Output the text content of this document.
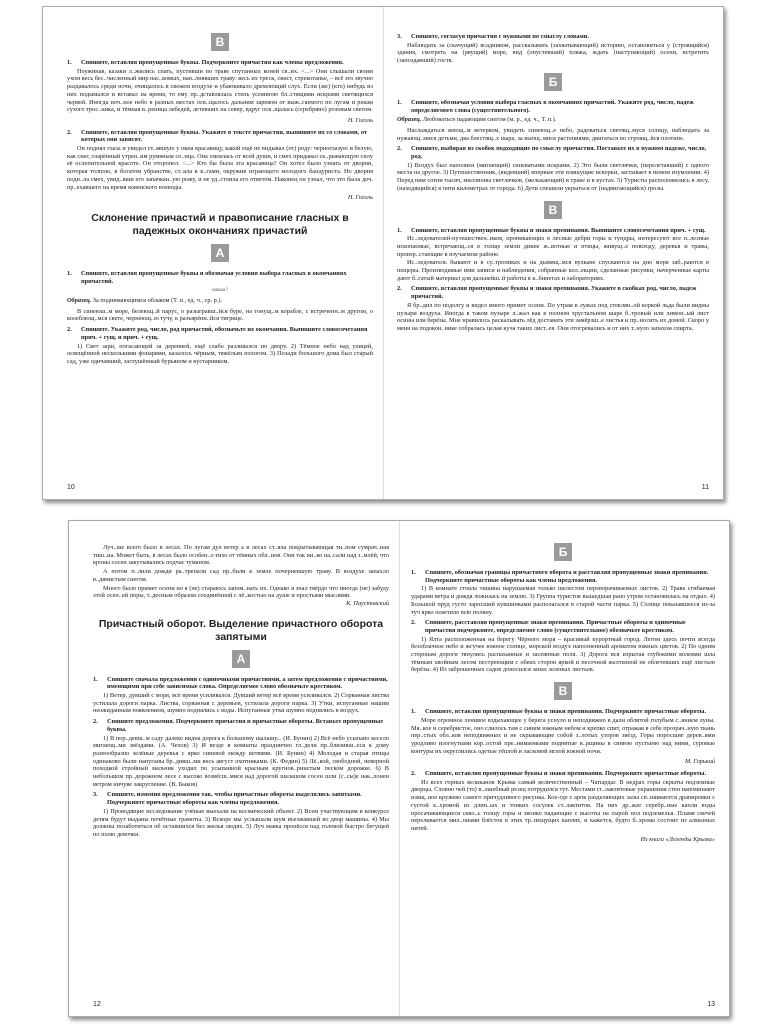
В
1.	Спишите, вставляя пропущенные буквы. Подчеркните причастия как члены предложения.

Поужинав, казаки л..жились спать, пустивши по траве спутанных коней св..их. <...> Они слышали своим ухом весь бес..численный мир нас..комых, нап..лнявших траву: весь их треск, свист, стрекотанье, – всё это звучно раздавалось среди ночи, очищалось в свежем воздухе и убаюкивало дремлющий слух. Если (же) (кто) нибудь из них подымался и вставал на время, то ему пр..дставлялась степь усеянною бл..стящими искрами светящихся червей. Иногда ноч..ное небо в разных местах осв..щалось дальним заревом от выж..гаемого по лугам и рекам сухого трос..ника, и тёмная в..реница лебедей, летевших на север, вдруг осв..щалась (серебряно) розовым светом.

Н. Гоголь
2.	Спишите, вставляя пропущенные буквы. Укажите в тексте причастия, выпишите их со словами, от которых они зависят.

Он поднял глаза и увидел ст..явшую у окна красавицу, какой ещё не видывал (от) роду: черноглазую и белую, как снег, озарённый утрен..им румяным со..нца. Она смеялась от всей души, и смех придавал ск..рывающую силу её ослепительной красоте. Он оторопел. <...> Кто бы была эта красавица? Он хотел было узнать от дворни, которая толпою, в богатом убранстве, ст..яла в в..гами, окружив играющего молодого бандуриста. Но дворня подн..ла смех, увид..вши его запачкан..ую рожу, и не уд..стоила его ответом. Наконец он узнал, что это была доч. пр..ехавшего на время ковенского воеводы.

Н. Гоголь
Склонение причастий и правописание гласных в падежных окончаниях причастий
А
1.	Спишите, вставляя пропущенные буквы и обозначая условия выбора гласных в окончаниях причастий.
каким?
Образец. За поднимающимся облаком (Т. п., ед. ч., ср. р.).

В синеюш..м море, белеющ..й парус, о разыгравш..йся буре, на тонущ..м корабле, с встреченн..м другом, о колеблющ..мся свете, чернеющ..ю тучу, к разъярённ..йся тигрице.

2.	Спишите. Укажите род, число, род причастий, обозначьте их окончания. Выпишите словосочетания прич. + сущ. и прич. + сущ.

1) Свет зари, погасающей за деревней, ещё слабо разливался по двору. 2) Тёмное небо над улицей, освещённой несколькими фонарями, казалось чёрным, тяжёлым пологом. 3) Позади большого дома был старый сад, уже одичавший, заглушённый бурьяном и кустарником.

10
3.	Спишите, согласуя причастия с нужными по смыслу словами.

Наблюдать за (скачущий) всадником, рассказывать (захватывающий) историю, остановиться у (строящийся) здания, смотреть на (рвущий) море, вид (опустевший) пляжа, ждать (наступающий) осени, встретить (запоздавший) гостя.

Б
1.	Спишите, обозначая условия выбора гласных в окончаниях причастий. Укажите род, число, падеж определяемого слова (существительного).
Образец. Любоваться падающим снегом (м. р., ед. ч., Т. п.).

Наслаждаться веющ..м ветерком, увидеть синеющ..е небо, радоваться светящ..муся солнцу, наблюдать за нужающ..мися детьми, два блестящ..х шара, за вьющ..мися растениями, двигаться по строящ..йся плотине.

2.	Спишите, выбирая из скобок подходящие по смыслу причастия. Поставьте их в нужном падеже, число, род.

1) Воздух был наполнен (мигающий) синеватыми искрами. 2) Это были светлячки, (перелетавший) с одного места на другое. 3) Путешественник, (видевший) впервые эти пляшущие искорки, застывает в немом изумлении. 4) Перед ним сотни тысяч, миллионы светлячков, (мелькающий) в траве и в кустах. 5) Туристы расположились в лесу, (находящийся) в пяти километрах от города. 6) Дети спешили укрыться от (надвигающийся) грозы.

В
1.	Спишите, вставляя пропущенные буквы и знаки препинания. Выпишите словосочетания прич. + сущ.

Ис..ледователей-путешествен..иков, проникающих в лесные дебри горы и тундры, интересуют все п..лезные ископаемые, встречающ..ся в толще земли дикие ж..вотные и птицы, живущ..е повсюду, деревья и травы, произр..стающие в изучаемом районе.

Ис..ледователь бывают и в су..тропиках и на дымящ..мся вулкане спускаются на дно моря заб..раются в пещеры. Производимые ими записи и наблюдения, собранные кол..екции, сделанные рисунки, начерченные карты дают б..гатый материал для дальнейш..й работы в к..бинетах и лабораториях.

2.	Спишите, вставляя пропущенные буквы и знаки препинания. Укажите в скобках род, число, падеж причастий.

Я бр..дил по подолгу и видел много примет осени. По утрам в лужах под стеклян..ой коркой льда были видны пузыри воздуха. Иногда в таком пузыре л..жал как в полном хрустальном шаре б..тровый или лимон..ый лист осины или берёзы. Мне нравилось раскалывать лёд доставать эти замёрзш..е листья и пр..носить их домой. Скоро у меня на подокон..нике собралась целая куча таких лист..ев. Они отогревались и от них т..нуло запахом спирта.

11

Луч..ше всего было в лесах. По лугам дул ветер а в лесах ст..яла покрытывающая ти..ном сумрач..ная тиш..на. Может быть, в лесах было особен..о тихо от тёмных обл..нов. Они так ни..ко на..сали над з..млёй, что кроны сосен закутывались подчас туманом.

А потом п..лили дожди ра..трепали сад пр..били к земле почерневшую траву. В воздухе запахло в..дянистым снегом.

Много было примет осени но я (не) стараюсь запом..нать их. Однако я знал твёрдо что иногда (не) забуду этой осен..ей поры, т..десным образом соединённой с лё..костью на душе и простыми мыслями.

К. Паустовский
Причастный оборот. Выделение причастного оборота запятыми
А
1.	Спишите сначала предложения с одиночными причастиями, а затем предложения с причастиями, имеющими при себе зависимые слова. Определяемое слово обозначьте крестиком.

1) Ветер, дувший с моря, всё время усиливался. Дувший ветер всё время усиливался. 2) Сорванная листва устилала дороги парка. Листва, сорванная с деревьев, устилала дороги парка. 3) Утки, испуганные нашим неожиданным появлением, шумно поднялись с воды. Испуганные утки шумно поднялись в воздух.

2.	Спишите предложения. Подчеркните причастия и причастные обороты. Вставьте пропущенные буквы.

1) В пор..девш..м саду далеко видна дорога к большому шалашу... (И. Бунин) 2) Всё небо усыпано весело мигающ..ми звёздами. (А. Чехов) 3) И везде в комнаты празднично гл..дели пр..близивш..еся к дому разнообразно зелёные деревья с ярко синевой между ветвями. (И. Бунин) 4) Молодая и старая птицы одинаково были напуганы бр..дивш..ми весь август охотниками. (К. Федин) 5) Лё..кой, свободной, неверной походкой стройный мальчик уходил по усыпанной красным кругнов..рнистым песком дорожке. 6) В небольшом пр..дорожном лесе с высоко возвёсш..мися над дорогой шалашом сосен шли (с..сы)е нак..лонен ветром ничуве закругление. (В. Быков)

3.	Спишите, изменив предложения так, чтобы причастные обороты выделялись запятыми. Подчеркните причастные обороты как члены предложения.

1) Проводящие исследование учёные выехали на космический объект. 2) Всем участвующим в конкурсе детям будут выданы почётные грамоты. 3) Вскоре мы услышали шум въезжавшей во двор машины. 4) Мы должны позаботиться об оставшихся без жилья людях. 5) Луч маяка пронёсся над головой быстро бегущей по полю девочки.

12
Б
1.	Спишите, обозначая границы причастного оборота и расставляя пропущенные знаки препинания. Подчеркните причастные обороты как члены предложения.

1) В комнате стояла тишина нарушаемая только шелестом переворачиваемых листов. 2) Трава сгибаемая ударами ветра и дождя ложилась на землю. 3) Группа туристов вышедшая рано утром остановилась на отдых. 4) Большой пруд густо заросший кувшинками располагался в старой части парка. 5) Солнце показавшееся из-за туч ярко осветило всю поляну.

2.	Спишите, расставляя пропущенные знаки препинания. Причастные обороты и одиночные причастия подчеркните, определяемое слово (существительное) обозначьте крестиком.

1) Ялта расположенная на берегу Чёрного моря – красивый курортный город. Летом здесь почти всегда безоблачное небо и жгучее южное солнце, морской воздух наполненный ароматом южных цветов. 2) По одним сторонам дороги тянулись распаханные и засеянные поля. 3) Дорога вся изрытая глубокими колеями шла тёмным хвойным лесом пестреющим с обеих сторон яркой и песочной желтизной не облетевших ещё листьев берёзы. 4) Из заброшенных садов доносился запах зеленых листьев.

В
1.	Спишите, вставляя пропущенные буквы и знаки препинания. Подчеркните причастные обороты.

Море огромное ленивое вздыхающее у берега уснуло и неподвижно в дали облитой голубым с..янием луны. Мя..кое и серебристое, оно слилось там с синим южным небом и крепко спит, отражая в себе прозрач..ную ткань пер..стых обл..ков неподвижных и не скрывающие собой з..лотых узоров звёзд. Горы поросшие дерев..ями уродливо изогнутыми кор..остой пре..нимаемыми поднятые в..рщины в синюю пустыню над ними, суровые контуры их округлились одетые тёплой и ласковой мглой южной ночи.

М. Горький
2.	Спишите, вставляя пропущенные буквы и знаки препинания. Подчеркните причастные обороты.

Из всех горных великанов Крыма самый величественный – Чатырдаг. В недрах горы скрыты подземные дворцы. Словно чей (то) в..лшебный резец потрудился тут. Местами ст..лактитовые украшения стен напоминают изящ..ное кружево самого причудливого рисунка. Кое-где с арок разделяющих залы св..шиваются драпировки с густой к..хромой из длин..ых и тонких сосулек ст..лактитов. На них др..жат серебр..ные капли воды просачивающиеся скво..ь толщу горы и звонко падающие с высоты на сырой пол подземелья. Пламя свечей переливается мил..онами блёсток в этих тр..пещущих каплях, и кажется, будто б..хрома состоит из алмазных нитей.

Из книги «Легенды Крыма»
13
